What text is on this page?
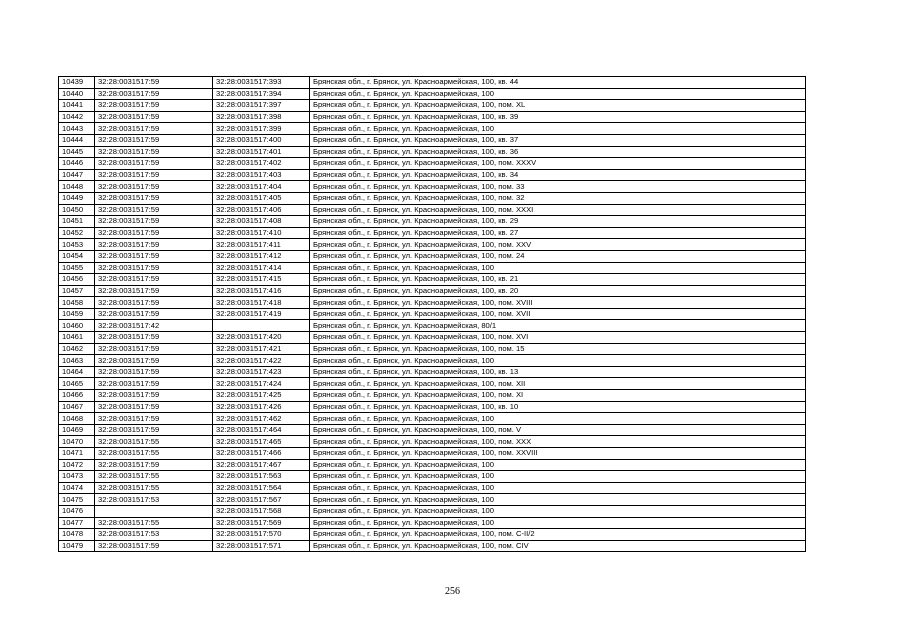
10439	32:28:0031517:59	32:28:0031517:393	Брянская обл., г. Брянск, ул. Красноармейская, 100, кв. 44
10440	32:28:0031517:59	32:28:0031517:394	Брянская обл., г. Брянск, ул. Красноармейская, 100
10441	32:28:0031517:59	32:28:0031517:397	Брянская обл., г. Брянск, ул. Красноармейская, 100, пом. XL
10442	32:28:0031517:59	32:28:0031517:398	Брянская обл., г. Брянск, ул. Красноармейская, 100, кв. 39
10443	32:28:0031517:59	32:28:0031517:399	Брянская обл., г. Брянск, ул. Красноармейская, 100
10444	32:28:0031517:59	32:28:0031517:400	Брянская обл., г. Брянск, ул. Красноармейская, 100, кв. 37
10445	32:28:0031517:59	32:28:0031517:401	Брянская обл., г. Брянск, ул. Красноармейская, 100, кв. 36
10446	32:28:0031517:59	32:28:0031517:402	Брянская обл., г. Брянск, ул. Красноармейская, 100, пом. XXXV
10447	32:28:0031517:59	32:28:0031517:403	Брянская обл., г. Брянск, ул. Красноармейская, 100, кв. 34
10448	32:28:0031517:59	32:28:0031517:404	Брянская обл., г. Брянск, ул. Красноармейская, 100, пом. 33
10449	32:28:0031517:59	32:28:0031517:405	Брянская обл., г. Брянск, ул. Красноармейская, 100, пом. 32
10450	32:28:0031517:59	32:28:0031517:406	Брянская обл., г. Брянск, ул. Красноармейская, 100, пом. XXXI
10451	32:28:0031517:59	32:28:0031517:408	Брянская обл., г. Брянск, ул. Красноармейская, 100, кв. 29
10452	32:28:0031517:59	32:28:0031517:410	Брянская обл., г. Брянск, ул. Красноармейская, 100, кв. 27
10453	32:28:0031517:59	32:28:0031517:411	Брянская обл., г. Брянск, ул. Красноармейская, 100, пом. XXV
10454	32:28:0031517:59	32:28:0031517:412	Брянская обл., г. Брянск, ул. Красноармейская, 100, пом. 24
10455	32:28:0031517:59	32:28:0031517:414	Брянская обл., г. Брянск, ул. Красноармейская, 100
10456	32:28:0031517:59	32:28:0031517:415	Брянская обл., г. Брянск, ул. Красноармейская, 100, кв. 21
10457	32:28:0031517:59	32:28:0031517:416	Брянская обл., г. Брянск, ул. Красноармейская, 100, кв. 20
10458	32:28:0031517:59	32:28:0031517:418	Брянская обл., г. Брянск, ул. Красноармейская, 100, пом. XVIII
10459	32:28:0031517:59	32:28:0031517:419	Брянская обл., г. Брянск, ул. Красноармейская, 100, пом. XVII
10460	32:28:0031517:42		Брянская обл., г. Брянск, ул. Красноармейская, 80/1
10461	32:28:0031517:59	32:28:0031517:420	Брянская обл., г. Брянск, ул. Красноармейская, 100, пом. XVI
10462	32:28:0031517:59	32:28:0031517:421	Брянская обл., г. Брянск, ул. Красноармейская, 100, пом. 15
10463	32:28:0031517:59	32:28:0031517:422	Брянская обл., г. Брянск, ул. Красноармейская, 100
10464	32:28:0031517:59	32:28:0031517:423	Брянская обл., г. Брянск, ул. Красноармейская, 100, кв. 13
10465	32:28:0031517:59	32:28:0031517:424	Брянская обл., г. Брянск, ул. Красноармейская, 100, пом. XII
10466	32:28:0031517:59	32:28:0031517:425	Брянская обл., г. Брянск, ул. Красноармейская, 100, пом. XI
10467	32:28:0031517:59	32:28:0031517:426	Брянская обл., г. Брянск, ул. Красноармейская, 100, кв. 10
10468	32:28:0031517:59	32:28:0031517:462	Брянская обл., г. Брянск, ул. Красноармейская, 100
10469	32:28:0031517:59	32:28:0031517:464	Брянская обл., г. Брянск, ул. Красноармейская, 100, пом. V
10470	32:28:0031517:55	32:28:0031517:465	Брянская обл., г. Брянск, ул. Красноармейская, 100, пом. XXX
10471	32:28:0031517:55	32:28:0031517:466	Брянская обл., г. Брянск, ул. Красноармейская, 100, пом. XXVIII
10472	32:28:0031517:59	32:28:0031517:467	Брянская обл., г. Брянск, ул. Красноармейская, 100
10473	32:28:0031517:55	32:28:0031517:563	Брянская обл., г. Брянск, ул. Красноармейская, 100
10474	32:28:0031517:55	32:28:0031517:564	Брянская обл., г. Брянск, ул. Красноармейская, 100
10475	32:28:0031517:53	32:28:0031517:567	Брянская обл., г. Брянск, ул. Красноармейская, 100
10476		32:28:0031517:568	Брянская обл., г. Брянск, ул. Красноармейская, 100
10477	32:28:0031517:55	32:28:0031517:569	Брянская обл., г. Брянск, ул. Красноармейская, 100
10478	32:28:0031517:53	32:28:0031517:570	Брянская обл., г. Брянск, ул. Красноармейская, 100, пом. С-II/2
10479	32:28:0031517:59	32:28:0031517:571	Брянская обл., г. Брянск, ул. Красноармейская, 100, пом. CIV
256
